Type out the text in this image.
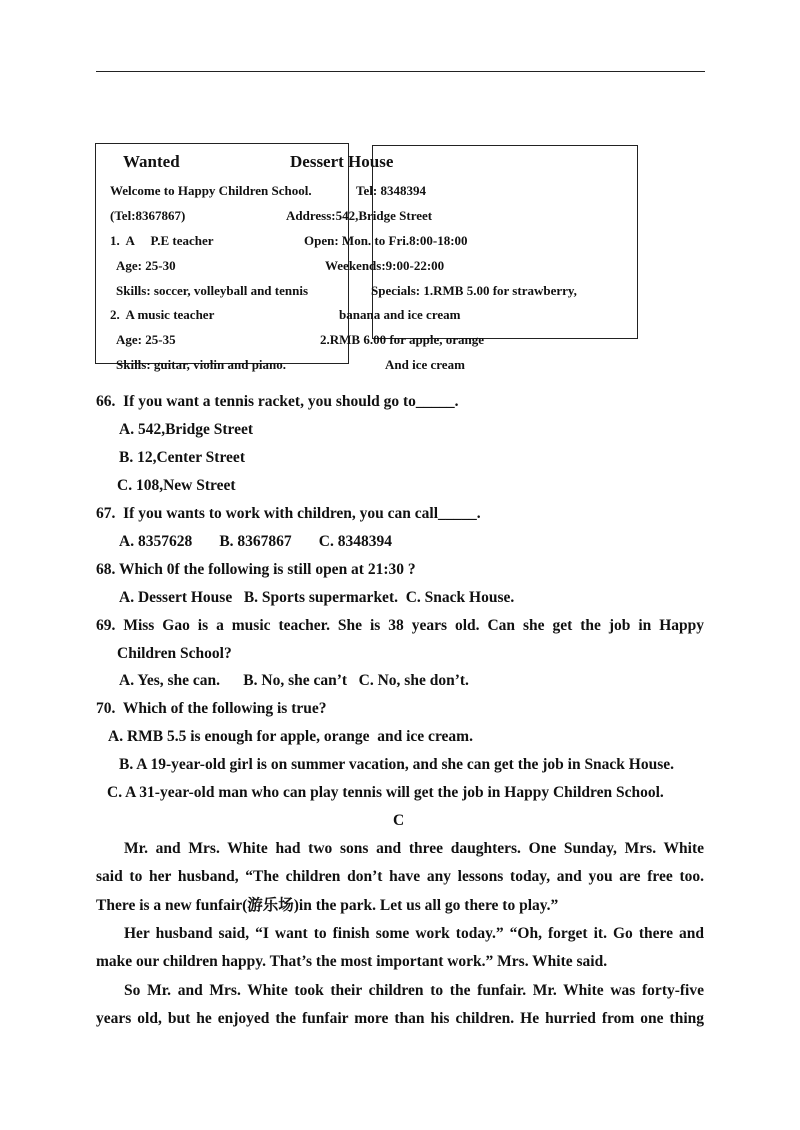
Wanted	Dessert House
Welcome to Happy Children School.	Tel: 8348394
(Tel:8367867)	Address:542,Bridge Street
1.  A     P.E teacher	Open: Mon. to Fri.8:00-18:00
Age: 25-30	Weekends:9:00-22:00
Skills: soccer, volleyball and tennis	Specials: 1.RMB 5.00 for strawberry,
2.  A music teacher	banana and ice cream
Age: 25-35	2.RMB 6.00 for apple, orange
Skills: guitar, violin and piano.	And ice cream
66.  If you want a tennis racket, you should go to_____.
A. 542,Bridge Street
B. 12,Center Street
C. 108,New Street
67.  If you wants to work with children, you can call_____.
A. 8357628       B. 8367867       C. 8348394
68. Which 0f the following is still open at 21:30 ?
A. Dessert House   B. Sports supermarket.  C. Snack House.
69. Miss Gao is a music teacher. She is 38 years old. Can she get the job in Happy
Children School?
A. Yes, she can.      B. No, she can’t   C. No, she don’t.
70.  Which of the following is true?
A. RMB 5.5 is enough for apple, orange  and ice cream.
B. A 19-year-old girl is on summer vacation, and she can get the job in Snack House.
C. A 31-year-old man who can play tennis will get the job in Happy Children School.
C
Mr. and Mrs. White had two sons and three daughters. One Sunday, Mrs. White
said to her husband, “The children don’t have any lessons today, and you are free too.
There is a new funfair(游乐场)in the park. Let us all go there to play.”
Her husband said, “I want to finish some work today.” “Oh, forget it. Go there and
make our children happy. That’s the most important work.” Mrs. White said.
So Mr. and Mrs. White took their children to the funfair. Mr. White was forty-five
years old, but he enjoyed the funfair more than his children. He hurried from one thing
